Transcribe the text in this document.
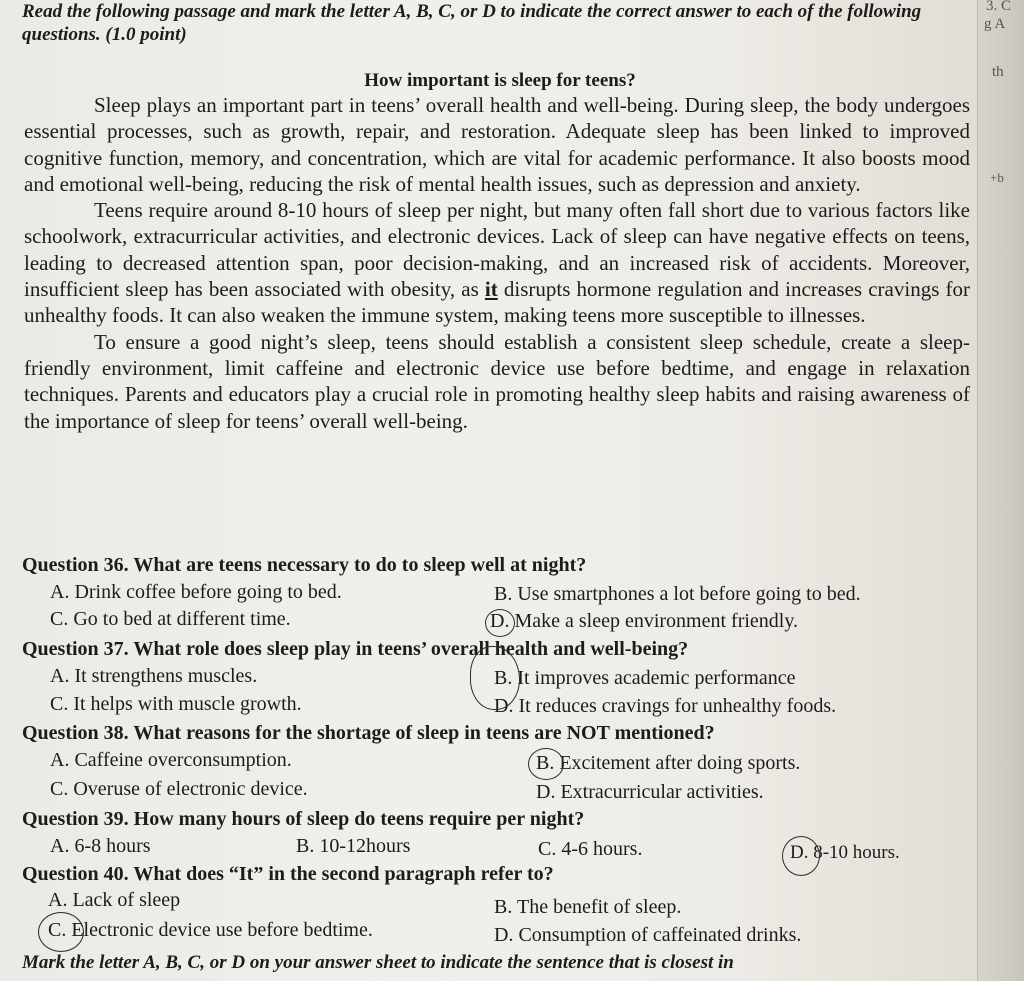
3. C
g A
th
+b
Read the following passage and mark the letter A, B, C, or D to indicate the correct answer to each of the following questions. (1.0 point)
How important is sleep for teens?

Sleep plays an important part in teens’ overall health and well-being. During sleep, the body undergoes essential processes, such as growth, repair, and restoration. Adequate sleep has been linked to improved cognitive function, memory, and concentration, which are vital for academic performance. It also boosts mood and emotional well-being, reducing the risk of mental health issues, such as depression and anxiety.

Teens require around 8-10 hours of sleep per night, but many often fall short due to various factors like schoolwork, extracurricular activities, and electronic devices. Lack of sleep can have negative effects on teens, leading to decreased attention span, poor decision-making, and an increased risk of accidents. Moreover, insufficient sleep has been associated with obesity, as it disrupts hormone regulation and increases cravings for unhealthy foods. It can also weaken the immune system, making teens more susceptible to illnesses.

To ensure a good night’s sleep, teens should establish a consistent sleep schedule, create a sleep-friendly environment, limit caffeine and electronic device use before bedtime, and engage in relaxation techniques. Parents and educators play a crucial role in promoting healthy sleep habits and raising awareness of the importance of sleep for teens’ overall well-being.

Question 36. What are teens necessary to do to sleep well at night?
A. Drink coffee before going to bed.	B. Use smartphones a lot before going to bed.
C. Go to bed at different time.	D. Make a sleep environment friendly.
Question 37. What role does sleep play in teens’ overall health and well-being?
A. It strengthens muscles.	B. It improves academic performance
C. It helps with muscle growth.	D. It reduces cravings for unhealthy foods.
Question 38. What reasons for the shortage of sleep in teens are NOT mentioned?
A. Caffeine overconsumption.	B. Excitement after doing sports.
C. Overuse of electronic device.	D. Extracurricular activities.
Question 39. How many hours of sleep do teens require per night?
A. 6-8 hours	B. 10-12hours	C. 4-6 hours.	D. 8-10 hours.
Question 40. What does “It” in the second paragraph refer to?
A. Lack of sleep	B. The benefit of sleep.
C. Electronic device use before bedtime.	D. Consumption of caffeinated drinks.
Mark the letter A, B, C, or D on your answer sheet to indicate the sentence that is closest in
